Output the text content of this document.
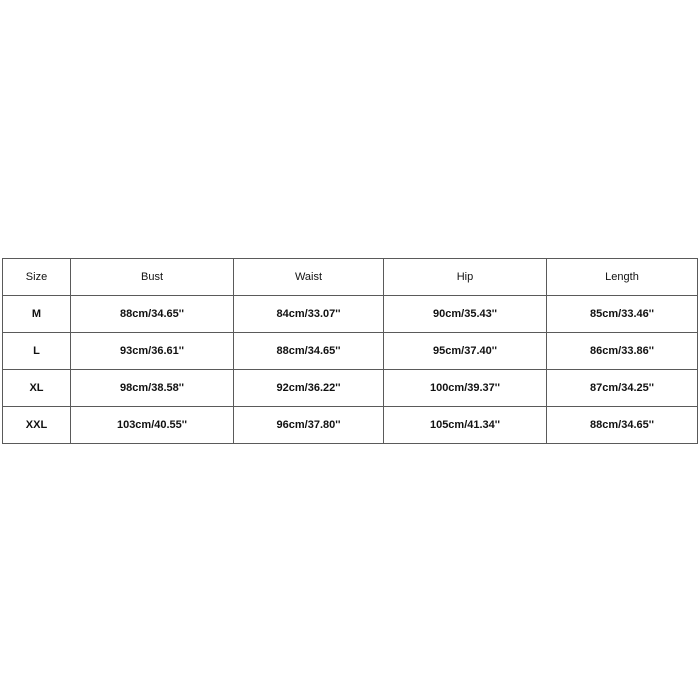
Size	Bust	Waist	Hip	Length
M	88cm/34.65''	84cm/33.07''	90cm/35.43''	85cm/33.46''
L	93cm/36.61''	88cm/34.65''	95cm/37.40''	86cm/33.86''
XL	98cm/38.58''	92cm/36.22''	100cm/39.37''	87cm/34.25''
XXL	103cm/40.55''	96cm/37.80''	105cm/41.34''	88cm/34.65''
